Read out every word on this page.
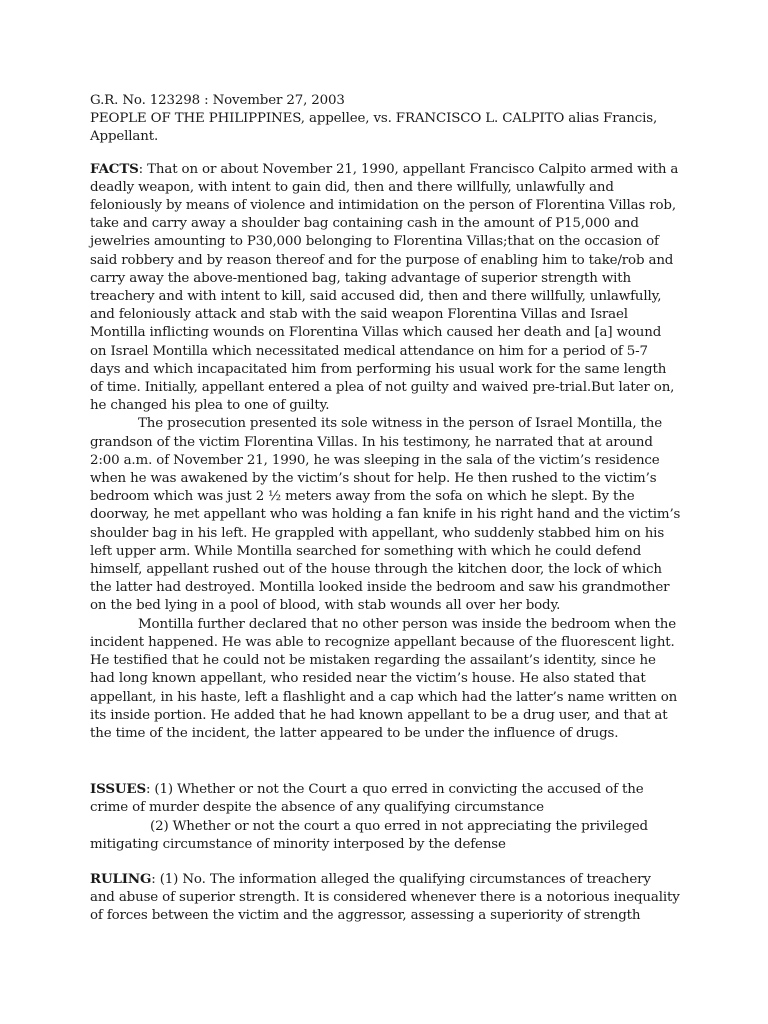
G.R. No. 123298 : November 27, 2003
PEOPLE OF THE PHILIPPINES, appellee, vs. FRANCISCO L. CALPITO alias Francis,
Appellant.
FACTS: That on or about November 21, 1990, appellant Francisco Calpito armed with a
deadly weapon, with intent to gain did, then and there willfully, unlawfully and
feloniously by means of violence and intimidation on the person of Florentina Villas rob,
take and carry away a shoulder bag containing cash in the amount of P15,000 and
jewelries amounting to P30,000 belonging to Florentina Villas;that on the occasion of
said robbery and by reason thereof and for the purpose of enabling him to take/rob and
carry away the above-mentioned bag, taking advantage of superior strength with
treachery and with intent to kill, said accused did, then and there willfully, unlawfully,
and feloniously attack and stab with the said weapon Florentina Villas and Israel
Montilla inflicting wounds on Florentina Villas which caused her death and [a] wound
on Israel Montilla which necessitated medical attendance on him for a period of 5-7
days and which incapacitated him from performing his usual work for the same length
of time. Initially, appellant entered a plea of not guilty and waived pre-trial.But later on,
he changed his plea to one of guilty.
The prosecution presented its sole witness in the person of Israel Montilla, the
grandson of the victim Florentina Villas. In his testimony, he narrated that at around
2:00 a.m. of November 21, 1990, he was sleeping in the sala of the victim’s residence
when he was awakened by the victim’s shout for help. He then rushed to the victim’s
bedroom which was just 2 ½ meters away from the sofa on which he slept. By the
doorway, he met appellant who was holding a fan knife in his right hand and the victim’s
shoulder bag in his left. He grappled with appellant, who suddenly stabbed him on his
left upper arm. While Montilla searched for something with which he could defend
himself, appellant rushed out of the house through the kitchen door, the lock of which
the latter had destroyed. Montilla looked inside the bedroom and saw his grandmother
on the bed lying in a pool of blood, with stab wounds all over her body.
Montilla further declared that no other person was inside the bedroom when the
incident happened. He was able to recognize appellant because of the fluorescent light.
He testified that he could not be mistaken regarding the assailant’s identity, since he
had long known appellant, who resided near the victim’s house. He also stated that
appellant, in his haste, left a flashlight and a cap which had the latter’s name written on
its inside portion. He added that he had known appellant to be a drug user, and that at
the time of the incident, the latter appeared to be under the influence of drugs.
ISSUES: (1) Whether or not the Court a quo erred in convicting the accused of the
crime of murder despite the absence of any qualifying circumstance
(2) Whether or not the court a quo erred in not appreciating the privileged
mitigating circumstance of minority interposed by the defense
RULING: (1) No. The information alleged the qualifying circumstances of treachery
and abuse of superior strength. It is considered whenever there is a notorious inequality
of forces between the victim and the aggressor, assessing a superiority of strength
